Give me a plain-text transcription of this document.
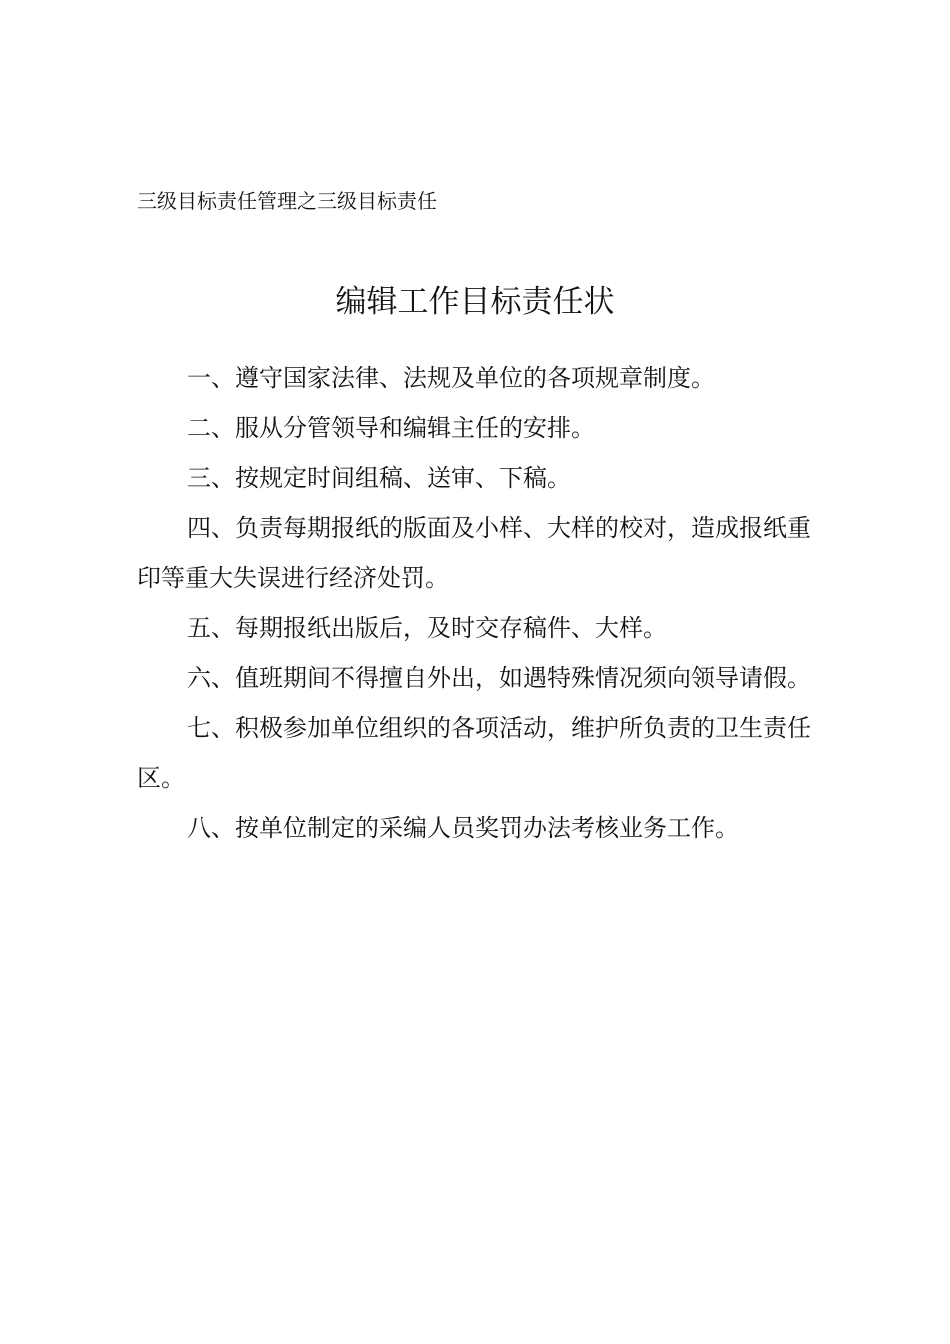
三级目标责任管理之三级目标责任
编辑工作目标责任状
一、遵守国家法律、法规及单位的各项规章制度。
二、服从分管领导和编辑主任的安排。
三、按规定时间组稿、送审、下稿。
四、负责每期报纸的版面及小样、大样的校对，造成报纸重印等重大失误进行经济处罚。
五、每期报纸出版后，及时交存稿件、大样。
六、值班期间不得擅自外出，如遇特殊情况须向领导请假。
七、积极参加单位组织的各项活动，维护所负责的卫生责任区。
八、按单位制定的采编人员奖罚办法考核业务工作。
